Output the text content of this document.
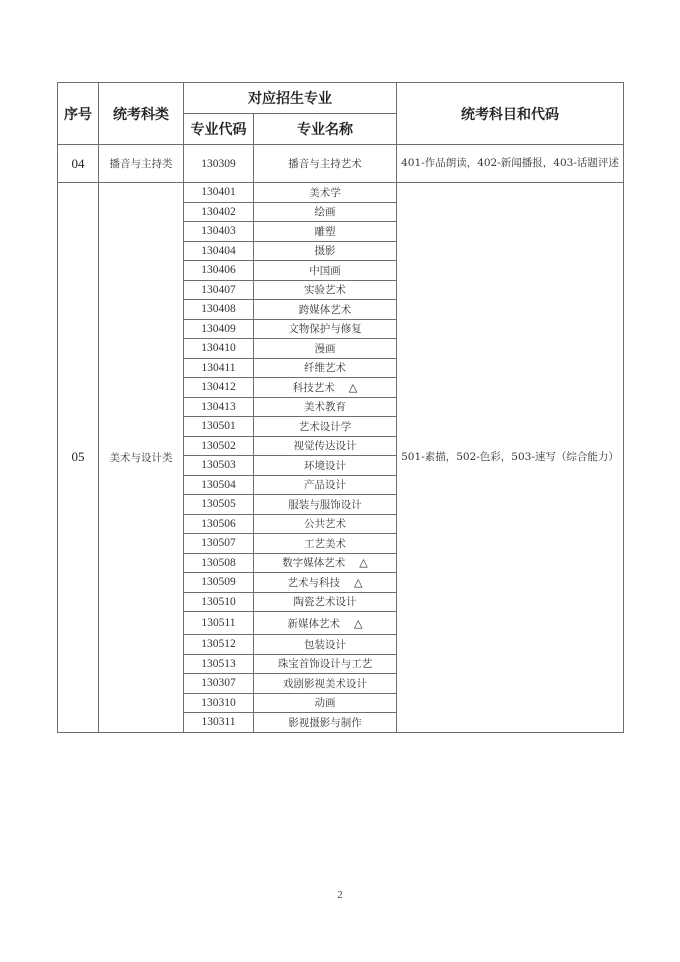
序号	统考科类	对应招生专业		统考科目和代码
		专业代码	专业名称	
04	播音与主持类	130309	播音与主持艺术	401-作品朗读，402-新闻播报，403-话题评述
05	美术与设计类	130401	美术学	501-素描，502-色彩，503-速写（综合能力）
		130402	绘画	
		130403	雕塑	
		130404	摄影	
		130406	中国画	
		130407	实验艺术	
		130408	跨媒体艺术	
		130409	文物保护与修复	
		130410	漫画	
		130411	纤维艺术	
		130412	科技艺术 △	
		130413	美术教育	
		130501	艺术设计学	
		130502	视觉传达设计	
		130503	环境设计	
		130504	产品设计	
		130505	服装与服饰设计	
		130506	公共艺术	
		130507	工艺美术	
		130508	数字媒体艺术 △	
		130509	艺术与科技 △	
		130510	陶瓷艺术设计	
		130511	新媒体艺术 △	
		130512	包装设计	
		130513	珠宝首饰设计与工艺	
		130307	戏剧影视美术设计	
		130310	动画	
		130311	影视摄影与制作	
2
